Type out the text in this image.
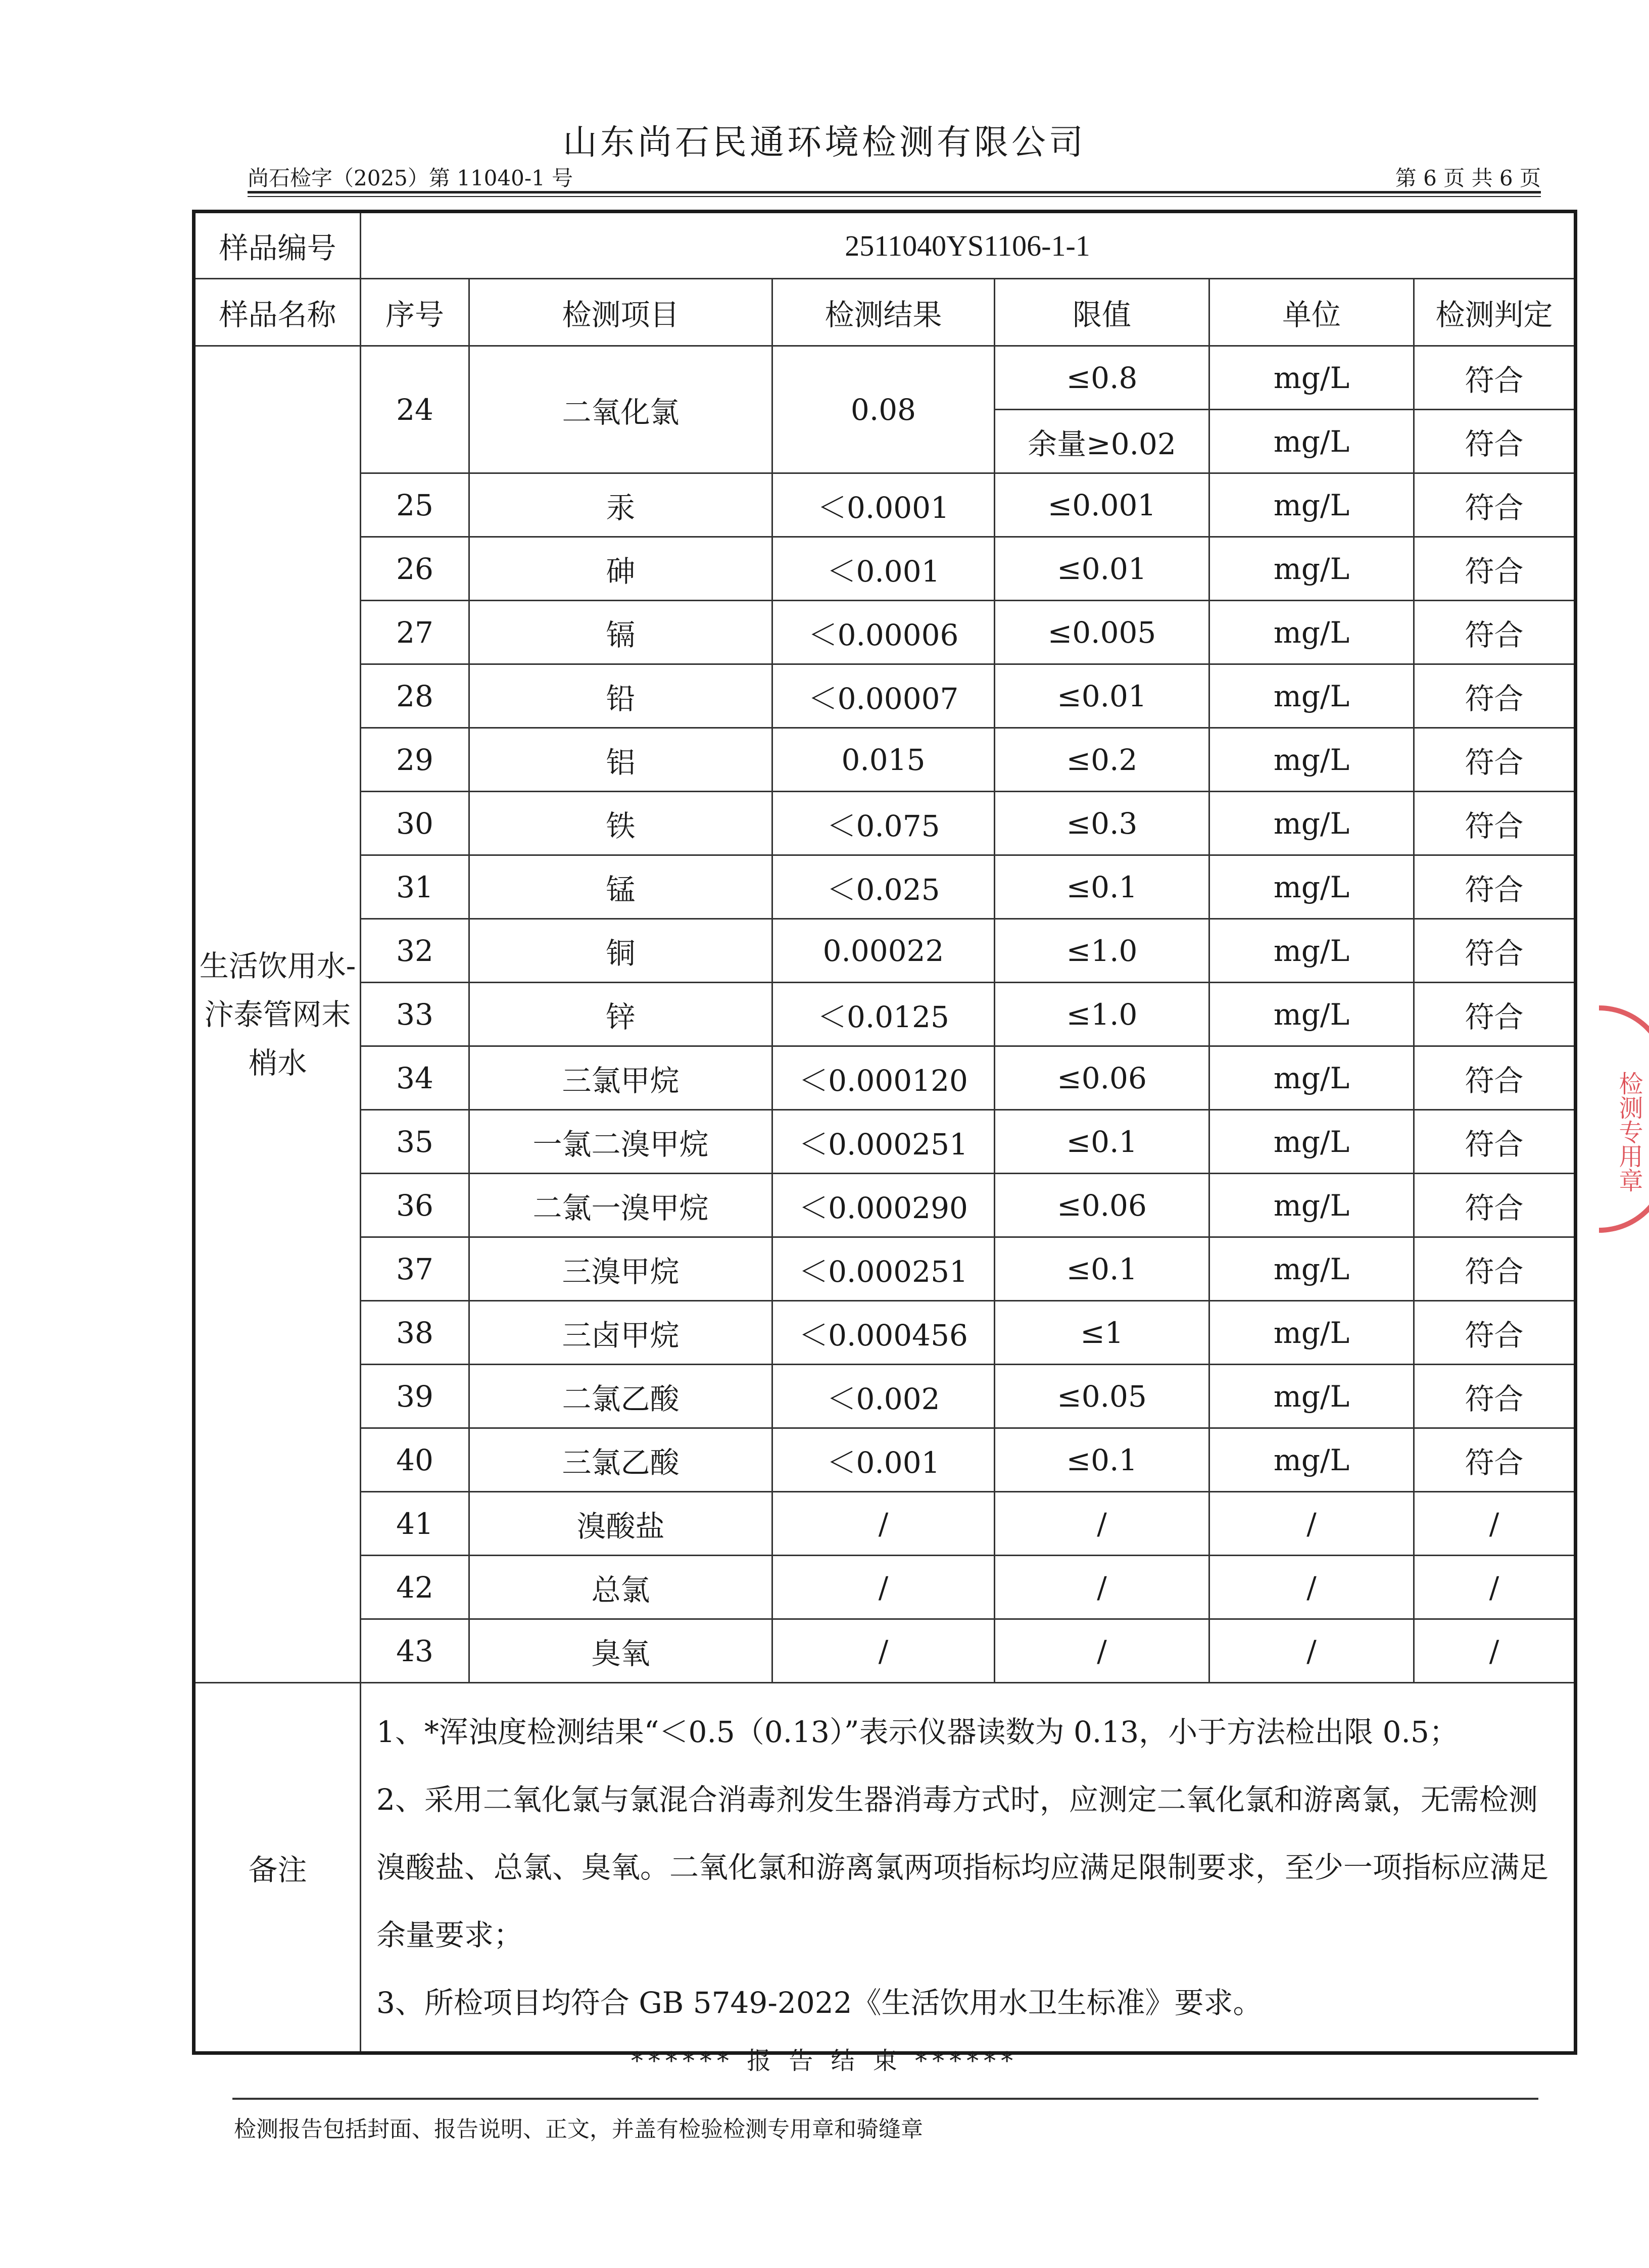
山东尚石民通环境检测有限公司
尚石检字（2025）第 11040-1 号	第 6 页 共 6 页
样品编号	2511040YS1106-1-1					
样品名称	序号	检测项目	检测结果	限值	单位	检测判定
生活饮用水-汴泰管网末梢水	24	二氧化氯	0.08	≤0.8	mg/L	符合
				余量≥0.02	mg/L	符合
	25	汞	＜0.0001	≤0.001	mg/L	符合
	26	砷	＜0.001	≤0.01	mg/L	符合
	27	镉	＜0.00006	≤0.005	mg/L	符合
	28	铅	＜0.00007	≤0.01	mg/L	符合
	29	铝	0.015	≤0.2	mg/L	符合
	30	铁	＜0.075	≤0.3	mg/L	符合
	31	锰	＜0.025	≤0.1	mg/L	符合
	32	铜	0.00022	≤1.0	mg/L	符合
	33	锌	＜0.0125	≤1.0	mg/L	符合
	34	三氯甲烷	＜0.000120	≤0.06	mg/L	符合
	35	一氯二溴甲烷	＜0.000251	≤0.1	mg/L	符合
	36	二氯一溴甲烷	＜0.000290	≤0.06	mg/L	符合
	37	三溴甲烷	＜0.000251	≤0.1	mg/L	符合
	38	三卤甲烷	＜0.000456	≤1	mg/L	符合
	39	二氯乙酸	＜0.002	≤0.05	mg/L	符合
	40	三氯乙酸	＜0.001	≤0.1	mg/L	符合
	41	溴酸盐	/	/	/	/
	42	总氯	/	/	/	/
	43	臭氧	/	/	/	/
备注	1、*浑浊度检测结果“＜0.5（0.13）”表示仪器读数为 0.13，小于方法检出限 0.5；

2、采用二氧化氯与氯混合消毒剂发生器消毒方式时，应测定二氧化氯和游离氯，无需检测溴酸盐、总氯、臭氧。二氧化氯和游离氯两项指标均应满足限制要求，至少一项指标应满足余量要求；

3、所检项目均符合 GB 5749-2022《生活饮用水卫生标准》要求。					

****** 报 告 结 束 ******
检测报告包括封面、报告说明、正文，并盖有检验检测专用章和骑缝章
检测专用章
